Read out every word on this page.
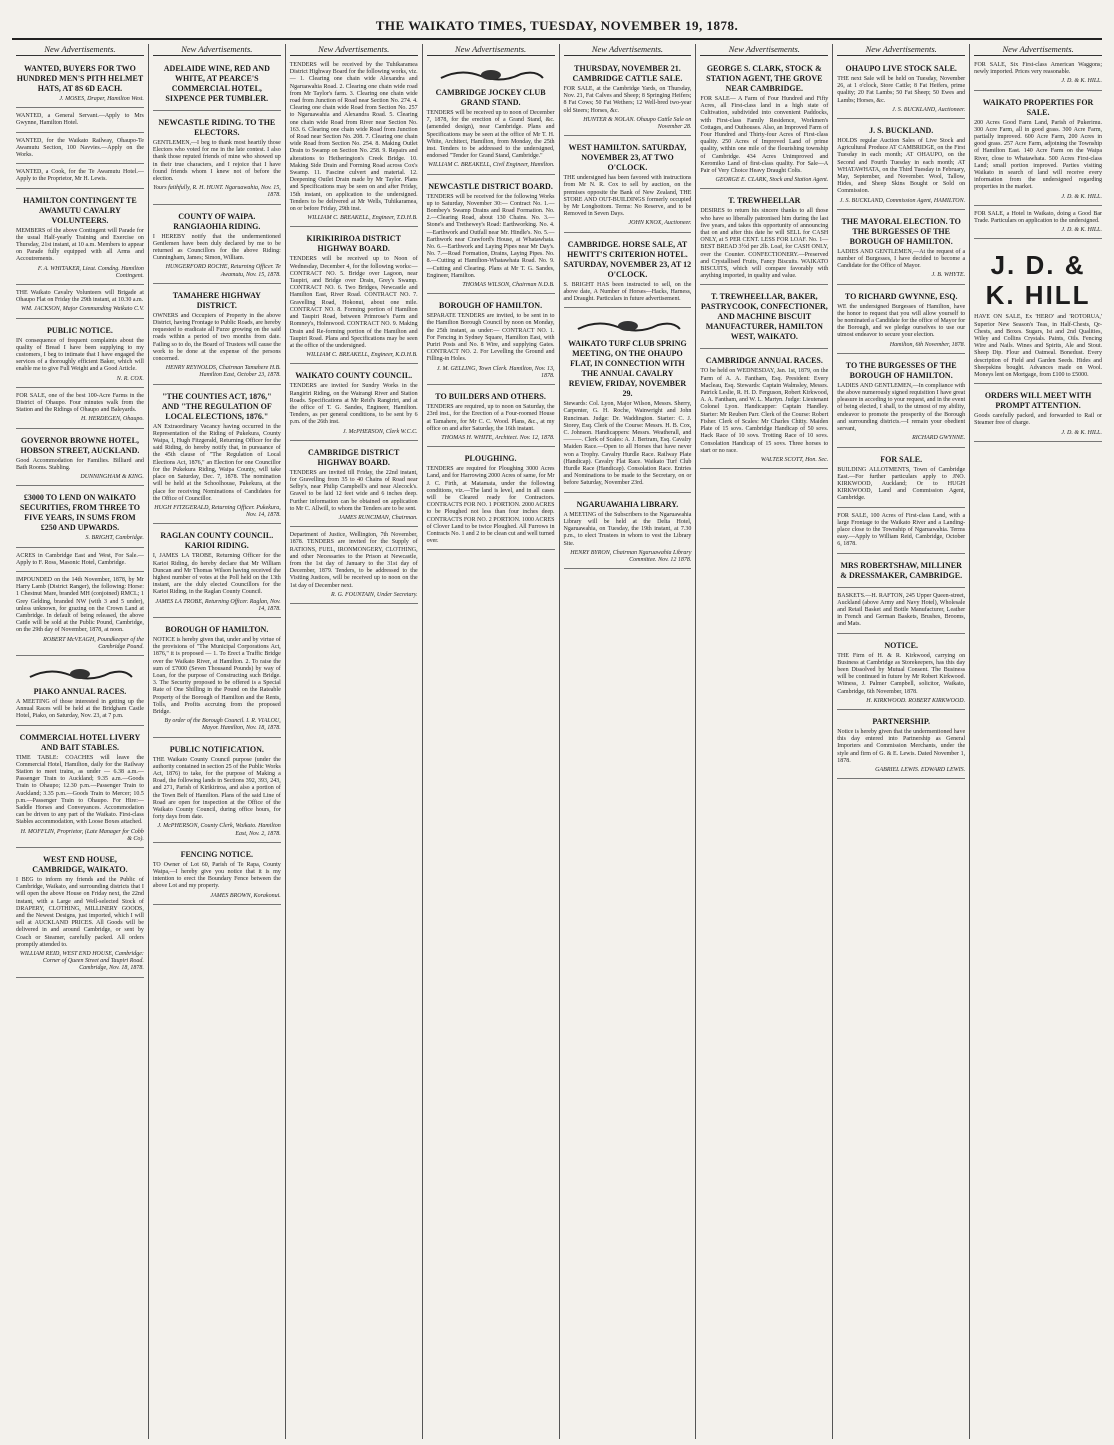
THE WAIKATO TIMES, TUESDAY, NOVEMBER 19, 1878.
New Advertisements.
WANTED, BUYERS FOR TWO HUNDRED MEN'S PITH HELMET HATS, AT 8S 6D EACH.
J. MOSES, Draper, Hamilton West.
WANTED, a General Servant.—Apply to Mrs Gwynne, Hamilton Hotel.
WANTED, for the Waikato Railway, Ohaupo-Te Awamutu Section, 100 Navvies.—Apply on the Works.
WANTED, a Cook, for the Te Awamutu Hotel.—Apply to the Proprietor, Mr H. Lewis.
HAMILTON CONTINGENT TE AWAMUTU CAVALRY VOLUNTEERS.
MEMBERS of the above Contingent will Parade for the usual Half-yearly Training and Exercise on Thursday, 21st instant, at 10 a.m. Members to appear on Parade fully equipped with all Arms and Accoutrements.
F. A. WHITAKER, Lieut. Comdng. Hamilton Contingent.
THE Waikato Cavalry Volunteers will Brigade at Ohaupo Flat on Friday the 29th instant, at 10.30 a.m.
WM. JACKSON, Major Commanding Waikato C.V.
PUBLIC NOTICE.
IN consequence of frequent complaints about the quality of Bread I have been supplying to my customers, I beg to intimate that I have engaged the services of a thoroughly efficient Baker, which will enable me to give Full Weight and a Good Article.
N. R. COX.
FOR SALE, one of the best 100-Acre Farms in the District of Ohaupo. Four minutes walk from the Station and the Ridings of Ohaupo and Baleyards.
H. HERDEGEN, Ohaupo.
GOVERNOR BROWNE HOTEL, HOBSON STREET, AUCKLAND.
Good Accommodation for Families. Billiard and Bath Rooms. Stabling.
DUNNINGHAM & KING.
£3000 TO LEND ON WAIKATO SECURITIES, FROM THREE TO FIVE YEARS, IN SUMS FROM £250 AND UPWARDS.
S. BRIGHT, Cambridge.
ACRES in Cambridge East and West, For Sale.—Apply to F. Ross, Masonic Hotel, Cambridge.
IMPOUNDED on the 14th November, 1878, by Mr Harry Lamb (District Ranger), the following: Horse: 1 Chestnut Mare, branded MH (conjoined) RMCL; 1 Grey Gelding, branded NW (with 3 and 5 under), unless unknown, for grazing on the Crown Land at Cambridge. In default of being released, the above Cattle will be sold at the Public Pound, Cambridge, on the 29th day of November, 1878, at noon.
ROBERT McVEAGH, Poundkeeper of the Cambridge Pound.
PIAKO ANNUAL RACES.
A MEETING of those interested in getting up the Annual Races will be held at the Bridgham Castle Hotel, Piako, on Saturday, Nov. 23, at 7 p.m.
COMMERCIAL HOTEL LIVERY AND BAIT STABLES.
TIME TABLE: COACHES will leave the Commercial Hotel, Hamilton, daily for the Railway Station to meet trains, as under — 6.38 a.m.—Passenger Train to Auckland; 9.35 a.m.—Goods Train to Ohaupo; 12.30 p.m.—Passenger Train to Auckland; 3.35 p.m.—Goods Train to Mercer; 10.5 p.m.—Passenger Train to Ohaupo. For Hire:—Saddle Horses and Conveyances. Accommodation can be driven to any part of the Waikato. First-class Stables accommodation, with Loose Boxes attached.
H. MOFFLIN, Proprietor, (Late Manager for Cobb & Co).
WEST END HOUSE, CAMBRIDGE, WAIKATO.
I BEG to inform my friends and the Public of Cambridge, Waikato, and surrounding districts that I will open the above House on Friday next, the 22nd instant, with a Large and Well-selected Stock of DRAPERY, CLOTHING, MILLINERY GOODS, and the Newest Designs, just imported, which I will sell at AUCKLAND PRICES. All Goods will be delivered in and around Cambridge, or sent by Coach or Steamer, carefully packed. All orders promptly attended to.
WILLIAM REID, WEST END HOUSE, Cambridge: Corner of Queen Street and Taupiri Road. Cambridge, Nov. 18, 1878.
New Advertisements.
ADELAIDE WINE, RED AND WHITE, AT PEARCE'S COMMERCIAL HOTEL, SIXPENCE PER TUMBLER.
NEWCASTLE RIDING. TO THE ELECTORS.
GENTLEMEN,—I beg to thank most heartily those Electors who voted for me in the late contest. I also thank those reputed friends of mine who showed up in their true characters, and I rejoice that I have found friends whom I knew not of before the election.
Yours faithfully, R. H. HUNT. Ngaruawahia, Nov. 15, 1878.
COUNTY OF WAIPA. RANGIAOHIA RIDING.
I HEREBY notify that the undermentioned Gentlemen have been duly declared by me to be returned as Councillors for the above Riding: Cunningham, James; Simon, William.
HUNGERFORD ROCHE, Returning Officer. Te Awamutu, Nov. 15, 1878.
TAMAHERE HIGHWAY DISTRICT.
OWNERS and Occupiers of Property in the above District, having Frontage to Public Roads, are hereby requested to eradicate all Furze growing on the said roads within a period of two months from date. Failing so to do, the Board of Trustees will cause the work to be done at the expense of the persons concerned.
HENRY REYNOLDS, Chairman Tamahere H.B. Hamilton East, October 23, 1878.
"THE COUNTIES ACT, 1876," AND "THE REGULATION OF LOCAL ELECTIONS, 1876."
AN Extraordinary Vacancy having occurred in the Representation of the Riding of Pukekura, County Waipa, I, Hugh Fitzgerald, Returning Officer for the said Riding, do hereby notify that, in pursuance of the 45th clause of "The Regulation of Local Elections Act, 1876," an Election for one Councillor for the Pukekura Riding, Waipa County, will take place on Saturday, Dec. 7, 1878. The nomination will be held at the Schoolhouse, Pukekura, at the place for receiving Nominations of Candidates for the Office of Councillor.
HUGH FITZGERALD, Returning Officer. Pukekura, Nov. 14, 1878.
RAGLAN COUNTY COUNCIL. KARIOI RIDING.
I, JAMES LA TROBE, Returning Officer for the Karioi Riding, do hereby declare that Mr William Duncan and Mr Thomas Wilson having received the highest number of votes at the Poll held on the 13th instant, are the duly elected Councillors for the Karioi Riding, in the Raglan County Council.
JAMES LA TROBE, Returning Officer. Raglan, Nov. 14, 1878.
BOROUGH OF HAMILTON.
NOTICE is hereby given that, under and by virtue of the provisions of "The Municipal Corporations Act, 1876," it is proposed — 1. To Erect a Traffic Bridge over the Waikato River, at Hamilton. 2. To raise the sum of £7000 (Seven Thousand Pounds) by way of Loan, for the purpose of Constructing such Bridge. 3. The Security proposed to be offered is a Special Rate of One Shilling in the Pound on the Rateable Property of the Borough of Hamilton and the Rents, Tolls, and Profits accruing from the proposed Bridge.
By order of the Borough Council. I. R. VIALOU, Mayor. Hamilton, Nov. 18, 1878.
PUBLIC NOTIFICATION.
THE Waikato County Council purpose (under the authority contained in section 25 of the Public Works Act, 1876) to take, for the purpose of Making a Road, the following lands in Sections 392, 393, 243, and 271, Parish of Kirikiriroa, and also a portion of the Town Belt of Hamilton. Plans of the said Line of Road are open for inspection at the Office of the Waikato County Council, during office hours, for forty days from date.
J. McPHERSON, County Clerk, Waikato. Hamilton East, Nov. 2, 1878.
FENCING NOTICE.
TO Owner of Lot 60, Parish of Te Rapa, County Waipa,—I hereby give you notice that it is my intention to erect the Boundary Fence between the above Lot and my property.
JAMES BROWN, Korakonui.
New Advertisements.
TENDERS will be received by the Tuhikaramea District Highway Board for the following works, viz.— 1. Clearing one chain wide Alexandra and Ngaruawahia Road. 2. Clearing one chain wide road from Mr Taylor's farm. 3. Clearing one chain wide road from Junction of Road near Section No. 274. 4. Clearing one chain wide Road from Section No. 257 to Ngaruawahia and Alexandra Road. 5. Clearing one chain wide Road from River near Section No. 163. 6. Clearing one chain wide Road from Junction of Road near Section No. 208. 7. Clearing one chain wide Road from Section No. 254. 8. Making Outlet Drain to Swamp on Section No. 258. 9. Repairs and alterations to Hetherington's Creek Bridge. 10. Making Side Drain and Forming Road across Cox's Swamp. 11. Fascine culvert and material. 12. Deepening Outlet Drain made by Mr Taylor. Plans and Specifications may be seen on and after Friday, 15th instant, on application to the undersigned. Tenders to be delivered at Mr Wells, Tuhikaramea, on or before Friday, 29th inst.
WILLIAM C. BREAKELL, Engineer, T.D.H.B.
KIRIKIRIROA DISTRICT HIGHWAY BOARD.
TENDERS will be received up to Noon of Wednesday, December 4, for the following works:— CONTRACT NO. 5. Bridge over Lagoon, near Taupiri, and Bridge over Drain, Grey's Swamp. CONTRACT NO. 6. Two Bridges, Newcastle and Hamilton East, River Road. CONTRACT NO. 7. Gravelling Road, Hokonui, about one mile. CONTRACT NO. 8. Forming portion of Hamilton and Taupiri Road, between Primrose's Farm and Romney's, Holmwood. CONTRACT NO. 9. Making Drain and Re-forming portion of the Hamilton and Taupiri Road. Plans and Specifications may be seen at the office of the undersigned.
WILLIAM C. BREAKELL, Engineer, K.D.H.B.
WAIKATO COUNTY COUNCIL.
TENDERS are invited for Sundry Works in the Rangiriri Riding, on the Wairangi River and Station Roads. Specifications at Mr Reid's Rangiriri, and at the office of T. G. Sandes, Engineer, Hamilton. Tenders, as per general conditions, to be sent by 6 p.m. of the 26th inst.
J. McPHERSON, Clerk W.C.C.
CAMBRIDGE DISTRICT HIGHWAY BOARD.
TENDERS are invited till Friday, the 22nd instant, for Gravelling from 35 to 40 Chains of Road near Selby's, near Philip Campbell's and near Alecock's. Gravel to be laid 12 feet wide and 6 inches deep. Further information can be obtained on application to Mr C. Allwill, to whom the Tenders are to be sent.
JAMES RUNCIMAN, Chairman.
Department of Justice, Wellington, 7th November, 1878. TENDERS are invited for the Supply of RATIONS, FUEL, IRONMONGERY, CLOTHING, and other Necessaries to the Prison at Newcastle, from the 1st day of January to the 31st day of December, 1879. Tenders, to be addressed to the Visiting Justices, will be received up to noon on the 1st day of December next.
R. G. FOUNTAIN, Under Secretary.
New Advertisements.
CAMBRIDGE JOCKEY CLUB GRAND STAND.
TENDERS will be received up to noon of December 7, 1878, for the erection of a Grand Stand, &c. (amended design), near Cambridge. Plans and Specifications may be seen at the office of Mr T. H. White, Architect, Hamilton, from Monday, the 25th inst. Tenders to be addressed to the undersigned, endorsed "Tender for Grand Stand, Cambridge."
WILLIAM C. BREAKELL, Civil Engineer, Hamilton.
NEWCASTLE DISTRICT BOARD.
TENDERS will be received for the following Works up to Saturday, November 30:— Contract No. 1.—Bombey's Swamp Drains and Road Formation. No. 2.—Clearing Road, about 130 Chains. No. 3.—Stone's and Trethewey's Road: Earthworking. No. 4.—Earthwork and Outfall near Mr. Hindle's. No. 5.—Earthwork near Crawford's House, at Whatawhata. No. 6.—Earthwork and Laying Pipes near Mr Day's. No. 7.—Road Formation, Drains, Laying Pipes. No. 8.—Cutting at Hamilton-Whatawhata Road. No. 9.—Cutting and Clearing. Plans at Mr T. G. Sandes, Engineer, Hamilton.
THOMAS WILSON, Chairman N.D.B.
BOROUGH OF HAMILTON.
SEPARATE TENDERS are invited, to be sent in to the Hamilton Borough Council by noon on Monday, the 25th instant, as under:— CONTRACT NO. 1. For Fencing in Sydney Square, Hamilton East, with Puriri Posts and No. 8 Wire, and supplying Gates. CONTRACT NO. 2. For Levelling the Ground and Filling-in Holes.
J. M. GELLING, Town Clerk. Hamilton, Nov. 13, 1878.
TO BUILDERS AND OTHERS.
TENDERS are required, up to noon on Saturday, the 23rd inst., for the Erection of a Four-roomed House at Tamahere, for Mr C. C. Wood. Plans, &c., at my office on and after Saturday, the 16th instant.
THOMAS H. WHITE, Architect. Nov. 12, 1878.
PLOUGHING.
TENDERS are required for Ploughing 3000 Acres Land, and for Harrowing 2000 Acres of same, for Mr J. C. Firth, at Matamata, under the following conditions, viz.—The land is level, and in all cases will be Cleared ready for Contractors. CONTRACTS FOR NO. 1 PORTION. 2000 ACRES to be Ploughed not less than four inches deep. CONTRACTS FOR NO. 2 PORTION. 1000 ACRES of Clover Land to be twice Ploughed. All Furrows in Contracts No. 1 and 2 to be clean cut and well turned over.
New Advertisements.
THURSDAY, NOVEMBER 21. CAMBRIDGE CATTLE SALE.
FOR SALE, at the Cambridge Yards, on Thursday, Nov. 21, Fat Calves and Sheep; 8 Springing Heifers; 8 Fat Cows; 50 Fat Wethers; 12 Well-bred two-year old Steers; Horses, &c.
HUNTER & NOLAN. Ohaupo Cattle Sale on November 28.
WEST HAMILTON. SATURDAY, NOVEMBER 23, AT TWO O'CLOCK.
THE undersigned has been favored with instructions from Mr N. R. Cox to sell by auction, on the premises opposite the Bank of New Zealand, THE STORE AND OUT-BUILDINGS formerly occupied by Mr Longbottom. Terms: No Reserve, and to be Removed in Seven Days.
JOHN KNOX, Auctioneer.
CAMBRIDGE. HORSE SALE, AT HEWITT'S CRITERION HOTEL. SATURDAY, NOVEMBER 23, AT 12 O'CLOCK.
S. BRIGHT HAS been instructed to sell, on the above date, A Number of Horses—Hacks, Harness, and Draught. Particulars in future advertisement.
WAIKATO TURF CLUB SPRING MEETING, ON THE OHAUPO FLAT, IN CONNECTION WITH THE ANNUAL CAVALRY REVIEW, FRIDAY, NOVEMBER 29.
Stewards: Col. Lyon, Major Wilson, Messrs. Sherry, Carpenter, G. H. Roche, Wainwright and John Runciman. Judge: Dr. Waddington. Starter: C. J. Storey, Esq. Clerk of the Course: Messrs. H. B. Cox, C. Johnson. Handicappers: Messrs. Weatherall, and ———. Clerk of Scales: A. J. Bertram, Esq. Cavalry Maiden Race.—Open to all Horses that have never won a Trophy. Cavalry Hurdle Race. Railway Plate (Handicap). Cavalry Flat Race. Waikato Turf Club Hurdle Race (Handicap). Consolation Race. Entries and Nominations to be made to the Secretary, on or before Saturday, November 23rd.
NGARUAWAHIA LIBRARY.
A MEETING of the Subscribers to the Ngaruawahia Library will be held at the Delta Hotel, Ngaruawahia, on Tuesday, the 19th instant, at 7.30 p.m., to elect Trustees in whom to vest the Library Site.
HENRY BYRON, Chairman Ngaruawahia Library Committee. Nov. 12 1878.
New Advertisements.
GEORGE S. CLARK, STOCK & STATION AGENT, THE GROVE NEAR CAMBRIDGE.
FOR SALE— A Farm of Four Hundred and Fifty Acres, all First-class land in a high state of Cultivation, subdivided into convenient Paddocks, with First-class Family Residence, Workmen's Cottages, and Outhouses. Also, an Improved Farm of Four Hundred and Thirty-four Acres of First-class quality. 250 Acres of Improved Land of prime quality, within one mile of the flourishing township of Cambridge. 434 Acres Unimproved and Keromiko Land of first-class quality. For Sale—A Pair of Very Choice Heavy Draught Colts.
GEORGE E. CLARK, Stock and Station Agent.
T. TREWHEELLAR
DESIRES to return his sincere thanks to all those who have so liberally patronised him during the last five years, and takes this opportunity of announcing that on and after this date he will SELL for CASH ONLY, at 5 PER CENT. LESS FOR LOAF. No. 1—BEST BREAD 3½d per 2lb. Loaf, for CASH ONLY, over the Counter. CONFECTIONERY.—Preserved and Crystallised Fruits, Fancy Biscuits. WAIKATO BISCUITS, which will compare favorably with anything imported, in quality and value.
T. TREWHEELLAR, BAKER, PASTRYCOOK, CONFECTIONER, AND MACHINE BISCUIT MANUFACTURER, HAMILTON WEST, WAIKATO.
CAMBRIDGE ANNUAL RACES.
TO be held on WEDNESDAY, Jan. 1st, 1879, on the Farm of A. A. Fantham, Esq. President: Every Macleau, Esq. Stewards: Captain Walmsley, Messrs. Patrick Leslie, R. H. D. Ferguson, Robert Kirkwood, A. A. Fantham, and W. L. Martyn. Judge: Lieutenant Colonel Lyon. Handicapper: Captain Handley. Starter: Mr Reuben Parr. Clerk of the Course: Robert Fisher. Clerk of Scales: Mr Charles Chitty. Maiden Plate of 15 sovs. Cambridge Handicap of 50 sovs. Hack Race of 10 sovs. Trotting Race of 10 sovs. Consolation Handicap of 15 sovs. Three horses to start or no race.
WALTER SCOTT, Hon. Sec.
New Advertisements.
OHAUPO LIVE STOCK SALE.
THE next Sale will be held on Tuesday, November 26, at 1 o'clock, Store Cattle; 8 Fat Heifers, prime quality; 20 Fat Lambs; 50 Fat Sheep; 50 Ewes and Lambs; Horses, &c.
J. S. BUCKLAND, Auctioneer.
J. S. BUCKLAND.
HOLDS regular Auction Sales of Live Stock and Agricultural Produce AT CAMBRIDGE, on the First Tuesday in each month; AT OHAUPO, on the Second and Fourth Tuesday in each month; AT WHATAWHATA, on the Third Tuesday in February, May, September, and November. Wool, Tallow, Hides, and Sheep Skins Bought or Sold on Commission.
J. S. BUCKLAND, Commission Agent, HAMILTON.
THE MAYORAL ELECTION. TO THE BURGESSES OF THE BOROUGH OF HAMILTON.
LADIES AND GENTLEMEN,—At the request of a number of Burgesses, I have decided to become a Candidate for the Office of Mayor.
J. B. WHYTE.
TO RICHARD GWYNNE, ESQ.
WE the undersigned Burgesses of Hamilton, have the honor to request that you will allow yourself to be nominated a Candidate for the office of Mayor for the Borough, and we pledge ourselves to use our utmost endeavor to secure your election.
Hamilton, 6th November, 1878.
TO THE BURGESSES OF THE BOROUGH OF HAMILTON.
LADIES AND GENTLEMEN,—In compliance with the above numerously signed requisition I have great pleasure in acceding to your request, and in the event of being elected, I shall, to the utmost of my ability, endeavor to promote the prosperity of the Borough and surrounding districts.—I remain your obedient servant,
RICHARD GWYNNE.
FOR SALE.
BUILDING ALLOTMENTS, Town of Cambridge East.—For further particulars apply to JNO. KIRKWOOD, Auckland; Or to HUGH KIRKWOOD, Land and Commission Agent, Cambridge.
FOR SALE, 100 Acres of First-class Land, with a large Frontage to the Waikato River and a Landing-place close to the Township of Ngaruawahia. Terms easy.—Apply to William Reid, Cambridge, October 6, 1878.
MRS ROBERTSHAW, MILLINER & DRESSMAKER, CAMBRIDGE.
BASKETS.—H. RAFTON, 245 Upper Queen-street, Auckland (above Army and Navy Hotel), Wholesale and Retail Basket and Bottle Manufacturer, Leather in French and German Baskets, Brushes, Brooms, and Mats.
NOTICE.
THE Firm of H. & R. Kirkwood, carrying on Business at Cambridge as Storekeepers, has this day been Dissolved by Mutual Consent. The Business will be continued in future by Mr Robert Kirkwood. Witness, J. Palmer Campbell, solicitor, Waikato, Cambridge, 6th November, 1878.
H. KIRKWOOD. ROBERT KIRKWOOD.
PARTNERSHIP.
Notice is hereby given that the undermentioned have this day entered into Partnership as General Importers and Commission Merchants, under the style and firm of G. & E. Lewis. Dated November 1, 1878.
GABRIEL LEWIS. EDWARD LEWIS.
New Advertisements.
FOR SALE, Six First-class American Waggons; newly imported. Prices very reasonable.
J. D. & K. HILL.
WAIKATO PROPERTIES FOR SALE.
200 Acres Good Farm Land, Parish of Pukerimu. 300 Acre Farm, all in good grass. 300 Acre Farm, partially improved. 600 Acre Farm, 200 Acres in good grass. 257 Acre Farm, adjoining the Township of Hamilton East. 140 Acre Farm on the Waipa River, close to Whatawhata. 500 Acres First-class Land; small portion improved. Parties visiting Waikato in search of land will receive every information from the undersigned regarding properties in the market.
J. D. & K. HILL.
FOR SALE, a Hotel in Waikato, doing a Good Bar Trade. Particulars on application to the undersigned.
J. D. & K. HILL.
J. D. & K. HILL
HAVE ON SALE, Ex 'HERO' and 'ROTORUA,' Superior New Season's Teas, in Half-Chests, Qr-Chests, and Boxes. Sugars, Ist and 2nd Qualities, Wiley and Collins Crystals. Paints, Oils. Fencing Wire and Nails. Wines and Spirits, Ale and Stout. Sheep Dip. Flour and Oatmeal. Bonedust. Every description of Field and Garden Seeds. Hides and Sheepskins bought. Advances made on Wool. Moneys lent on Mortgage, from £100 to £5000.
ORDERS WILL MEET WITH PROMPT ATTENTION.
Goods carefully packed, and forwarded to Rail or Steamer free of charge.
J. D. & K. HILL.
